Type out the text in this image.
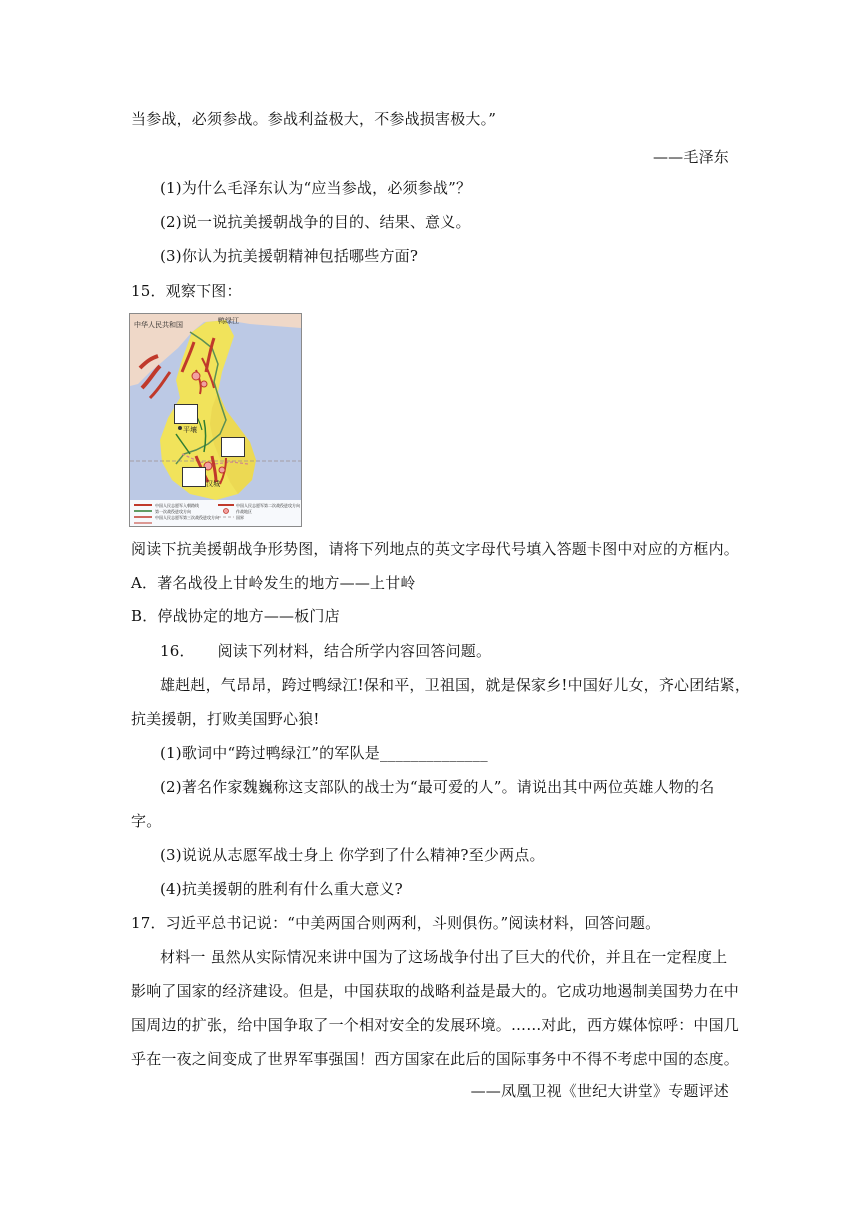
当参战，必须参战。参战利益极大，不参战损害极大。”
——毛泽东
(1)为什么毛泽东认为“应当参战，必须参战”？
(2)说一说抗美援朝战争的目的、结果、意义。
(3)你认为抗美援朝精神包括哪些方面?
15．观察下图：
中华人民共和国	鸭绿江
平壤
汉城
中国人民志愿军入朝路线
第一次战役进攻方向
中国人民志愿军第二次战役进攻方向
中国人民志愿军第三次战役进攻方向
作战地区
国界
阅读下抗美援朝战争形势图，请将下列地点的英文字母代号填入答题卡图中对应的方框内。
A．著名战役上甘岭发生的地方——上甘岭
B．停战协定的地方——板门店
16．　　阅读下列材料，结合所学内容回答问题。
雄赳赳，气昂昂，跨过鸭绿江!保和平，卫祖国，就是保家乡!中国好儿女，齐心团结紧，
抗美援朝，打败美国野心狼!
(1)歌词中“跨过鸭绿江”的军队是______________
(2)著名作家魏巍称这支部队的战士为“最可爱的人”。请说出其中两位英雄人物的名
字。
(3)说说从志愿军战士身上 你学到了什么精神?至少两点。
(4)抗美援朝的胜利有什么重大意义?
17．习近平总书记说：“中美两国合则两利，斗则俱伤。”阅读材料，回答问题。
材料一 虽然从实际情况来讲中国为了这场战争付出了巨大的代价，并且在一定程度上
影响了国家的经济建设。但是，中国获取的战略利益是最大的。它成功地遏制美国势力在中
国周边的扩张，给中国争取了一个相对安全的发展环境。……对此，西方媒体惊呼：中国几
乎在一夜之间变成了世界军事强国！西方国家在此后的国际事务中不得不考虑中国的态度。
——凤凰卫视《世纪大讲堂》专题评述
